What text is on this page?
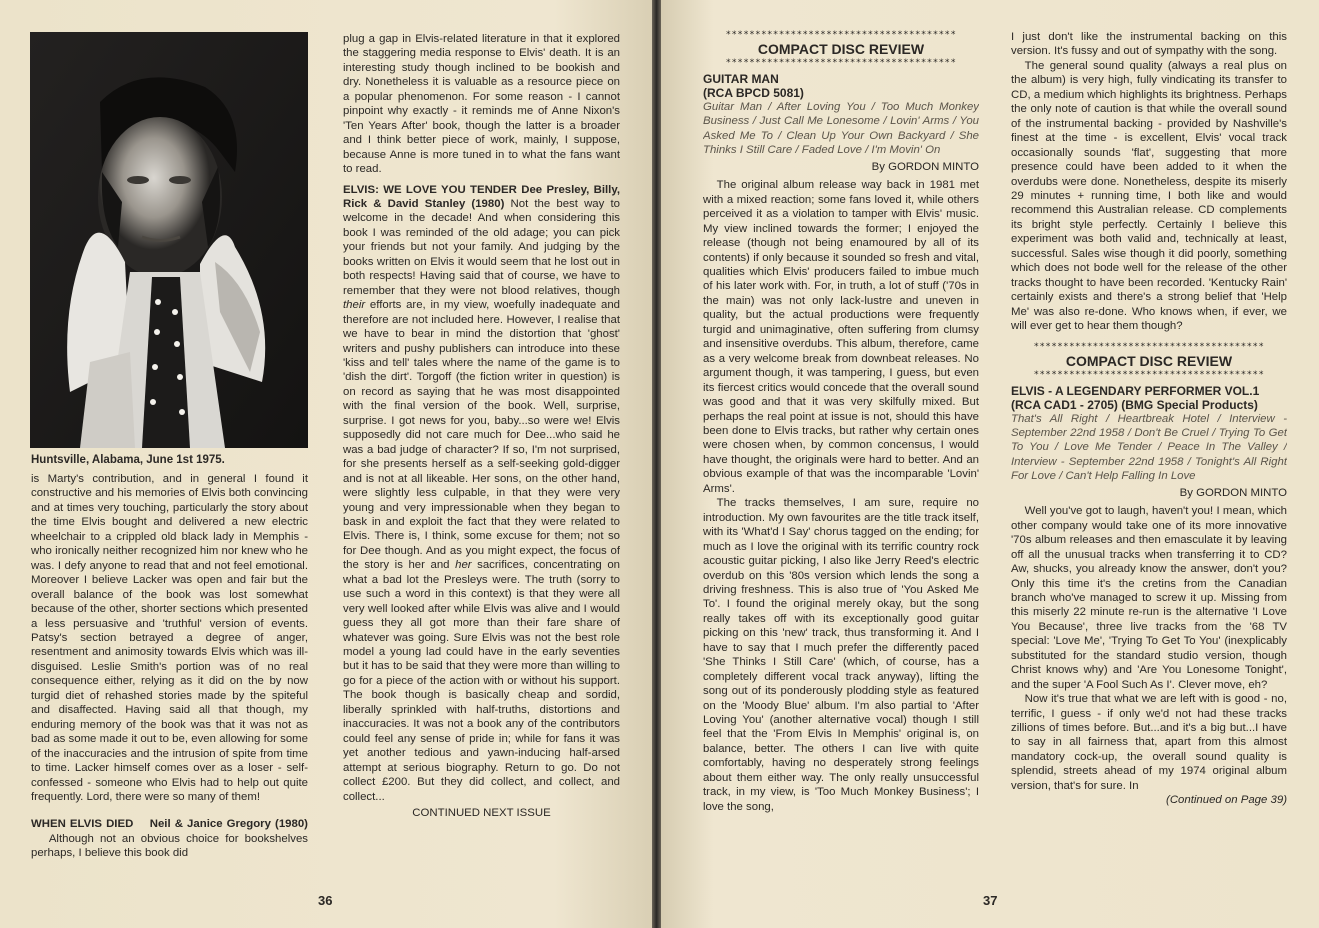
Huntsville, Alabama, June 1st 1975.

is Marty's contribution, and in general I found it constructive and his memories of Elvis both convincing and at times very touching, particularly the story about the time Elvis bought and delivered a new electric wheelchair to a crippled old black lady in Memphis - who ironically neither recognized him nor knew who he was. I defy anyone to read that and not feel emotional. Moreover I believe Lacker was open and fair but the overall balance of the book was lost somewhat because of the other, shorter sections which presented a less persuasive and 'truthful' version of events. Patsy's section betrayed a degree of anger, resentment and animosity towards Elvis which was ill-disguised. Leslie Smith's portion was of no real consequence either, relying as it did on the by now turgid diet of rehashed stories made by the spiteful and disaffected. Having said all that though, my enduring memory of the book was that it was not as bad as some made it out to be, even allowing for some of the inaccuracies and the intrusion of spite from time to time. Lacker himself comes over as a loser - self-confessed - someone who Elvis had to help out quite frequently. Lord, there were so many of them!

WHEN ELVIS DIED Neil & Janice Gregory (1980)    Although not an obvious choice for bookshelves perhaps, I believe this book did

plug a gap in Elvis-related literature in that it explored the staggering media response to Elvis' death. It is an interesting study though inclined to be bookish and dry. Nonetheless it is valuable as a resource piece on a popular phenomenon. For some reason - I cannot pinpoint why exactly - it reminds me of Anne Nixon's 'Ten Years After' book, though the latter is a broader and I think better piece of work, mainly, I suppose, because Anne is more tuned in to what the fans want to read.

ELVIS: WE LOVE YOU TENDER Dee Presley, Billy, Rick & David Stanley (1980) Not the best way to welcome in the decade! And when considering this book I was reminded of the old adage; you can pick your friends but not your family. And judging by the books written on Elvis it would seem that he lost out in both respects! Having said that of course, we have to remember that they were not blood relatives, though their efforts are, in my view, woefully inadequate and therefore are not included here. However, I realise that we have to bear in mind the distortion that 'ghost' writers and pushy publishers can introduce into these 'kiss and tell' tales where the name of the game is to 'dish the dirt'. Torgoff (the fiction writer in question) is on record as saying that he was most disappointed with the final version of the book. Well, surprise, surprise. I got news for you, baby...so were we! Elvis supposedly did not care much for Dee...who said he was a bad judge of character? If so, I'm not surprised, for she presents herself as a self-seeking gold-digger and is not at all likeable. Her sons, on the other hand, were slightly less culpable, in that they were very young and very impressionable when they began to bask in and exploit the fact that they were related to Elvis. There is, I think, some excuse for them; not so for Dee though. And as you might expect, the focus of the story is her and her sacrifices, concentrating on what a bad lot the Presleys were. The truth (sorry to use such a word in this context) is that they were all very well looked after while Elvis was alive and I would guess they all got more than their fare share of whatever was going. Sure Elvis was not the best role model a young lad could have in the early seventies but it has to be said that they were more than willing to go for a piece of the action with or without his support. The book though is basically cheap and sordid, liberally sprinkled with half-truths, distortions and inaccuracies. It was not a book any of the contributors could feel any sense of pride in; while for fans it was yet another tedious and yawn-inducing half-arsed attempt at serious biography. Return to go. Do not collect £200. But they did collect, and collect, and collect...

CONTINUED NEXT ISSUE

36
***************************************
COMPACT DISC REVIEW
***************************************
GUITAR MAN
(RCA BPCD 5081)

Guitar Man / After Loving You / Too Much Monkey Business / Just Call Me Lonesome / Lovin' Arms / You Asked Me To / Clean Up Your Own Backyard / She Thinks I Still Care / Faded Love / I'm Movin' On

By GORDON MINTO

The original album release way back in 1981 met with a mixed reaction; some fans loved it, while others perceived it as a violation to tamper with Elvis' music. My view inclined towards the former; I enjoyed the release (though not being enamoured by all of its contents) if only because it sounded so fresh and vital, qualities which Elvis' producers failed to imbue much of his later work with. For, in truth, a lot of stuff ('70s in the main) was not only lack-lustre and uneven in quality, but the actual productions were frequently turgid and unimaginative, often suffering from clumsy and insensitive overdubs. This album, therefore, came as a very welcome break from downbeat releases. No argument though, it was tampering, I guess, but even its fiercest critics would concede that the overall sound was good and that it was very skilfully mixed. But perhaps the real point at issue is not, should this have been done to Elvis tracks, but rather why certain ones were chosen when, by common concensus, I would have thought, the originals were hard to better. And an obvious example of that was the incomparable 'Lovin' Arms'.

The tracks themselves, I am sure, require no introduction. My own favourites are the title track itself, with its 'What'd I Say' chorus tagged on the ending; for much as I love the original with its terrific country rock acoustic guitar picking, I also like Jerry Reed's electric overdub on this '80s version which lends the song a driving freshness. This is also true of 'You Asked Me To'. I found the original merely okay, but the song really takes off with its exceptionally good guitar picking on this 'new' track, thus transforming it. And I have to say that I much prefer the differently paced 'She Thinks I Still Care' (which, of course, has a completely different vocal track anyway), lifting the song out of its ponderously plodding style as featured on the 'Moody Blue' album. I'm also partial to 'After Loving You' (another alternative vocal) though I still feel that the 'From Elvis In Memphis' original is, on balance, better. The others I can live with quite comfortably, having no desperately strong feelings about them either way. The only really unsuccessful track, in my view, is 'Too Much Monkey Business'; I love the song,

I just don't like the instrumental backing on this version. It's fussy and out of sympathy with the song.

The general sound quality (always a real plus on the album) is very high, fully vindicating its transfer to CD, a medium which highlights its brightness. Perhaps the only note of caution is that while the overall sound of the instrumental backing - provided by Nashville's finest at the time - is excellent, Elvis' vocal track occasionally sounds 'flat', suggesting that more presence could have been added to it when the overdubs were done. Nonetheless, despite its miserly 29 minutes + running time, I both like and would recommend this Australian release. CD complements its bright style perfectly. Certainly I believe this experiment was both valid and, technically at least, successful. Sales wise though it did poorly, something which does not bode well for the release of the other tracks thought to have been recorded. 'Kentucky Rain' certainly exists and there's a strong belief that 'Help Me' was also re-done. Who knows when, if ever, we will ever get to hear them though?

***************************************
COMPACT DISC REVIEW
***************************************
ELVIS - A LEGENDARY PERFORMER VOL.1
(RCA CAD1 - 2705) (BMG Special Products)

That's All Right / Heartbreak Hotel / Interview - September 22nd 1958 / Don't Be Cruel / Trying To Get To You / Love Me Tender / Peace In The Valley / Interview - September 22nd 1958 / Tonight's All Right For Love / Can't Help Falling In Love

By GORDON MINTO

Well you've got to laugh, haven't you! I mean, which other company would take one of its more innovative '70s album releases and then emasculate it by leaving off all the unusual tracks when transferring it to CD? Aw, shucks, you already know the answer, don't you? Only this time it's the cretins from the Canadian branch who've managed to screw it up. Missing from this miserly 22 minute re-run is the alternative 'I Love You Because', three live tracks from the '68 TV special: 'Love Me', 'Trying To Get To You' (inexplicably substituted for the standard studio version, though Christ knows why) and 'Are You Lonesome Tonight', and the super 'A Fool Such As I'. Clever move, eh?

Now it's true that what we are left with is good - no, terrific, I guess - if only we'd not had these tracks zillions of times before. But...and it's a big but...I have to say in all fairness that, apart from this almost mandatory cock-up, the overall sound quality is splendid, streets ahead of my 1974 original album version, that's for sure. In

(Continued on Page 39)

37
